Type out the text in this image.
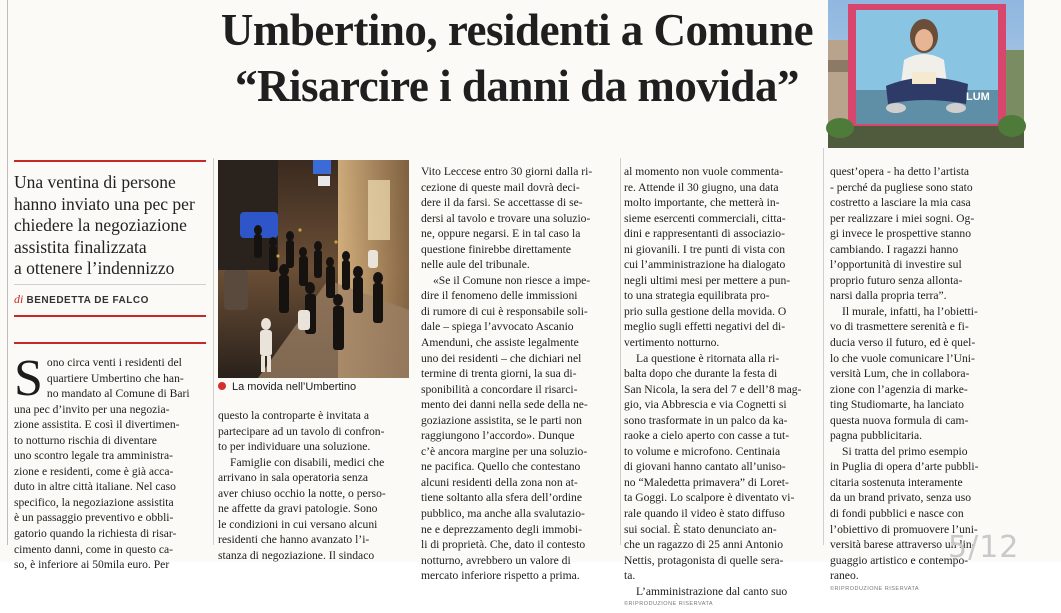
Umbertino, residenti a Comune
“Risarcire i danni da movida”
Una ventina di persone
hanno inviato una pec per
chiedere la negoziazione
assistita finalizzata
a ottenere l’indennizzo
di BENEDETTA DE FALCO
S ono circa venti i residenti del
quartiere Umbertino che han-
no mandato al Comune di Bari
una pec d’invito per una negozia-
zione assistita. E così il divertimen-
to notturno rischia di diventare
uno scontro legale tra amministra-
zione e residenti, come è già acca-
duto in altre città italiane. Nel caso
specifico, la negoziazione assistita
è un passaggio preventivo e obbli-
gatorio quando la richiesta di risar-
cimento danni, come in questo ca-
so, è inferiore ai 50mila euro. Per
La movida nell’Umbertino
questo la controparte è invitata a
partecipare ad un tavolo di confron-
to per individuare una soluzione.
Famiglie con disabili, medici che
arrivano in sala operatoria senza
aver chiuso occhio la notte, o perso-
ne affette da gravi patologie. Sono
le condizioni in cui versano alcuni
residenti che hanno avanzato l’i-
stanza di negoziazione. Il sindaco
Vito Leccese entro 30 giorni dalla ri-
cezione di queste mail dovrà deci-
dere il da farsi. Se accettasse di se-
dersi al tavolo e trovare una soluzio-
ne, oppure negarsi. E in tal caso la
questione finirebbe direttamente
nelle aule del tribunale.
«Se il Comune non riesce a impe-
dire il fenomeno delle immissioni
di rumore di cui è responsabile soli-
dale – spiega l’avvocato Ascanio
Amenduni, che assiste legalmente
uno dei residenti – che dichiari nel
termine di trenta giorni, la sua di-
sponibilità a concordare il risarci-
mento dei danni nella sede della ne-
goziazione assistita, se le parti non
raggiungono l’accordo». Dunque
c’è ancora margine per una soluzio-
ne pacifica. Quello che contestano
alcuni residenti della zona non at-
tiene soltanto alla sfera dell’ordine
pubblico, ma anche alla svalutazio-
ne e deprezzamento degli immobi-
li di proprietà. Che, dato il contesto
notturno, avrebbero un valore di
mercato inferiore rispetto a prima.
al momento non vuole commenta-
re. Attende il 30 giugno, una data
molto importante, che metterà in-
sieme esercenti commerciali, citta-
dini e rappresentanti di associazio-
ni giovanili. I tre punti di vista con
cui l’amministrazione ha dialogato
negli ultimi mesi per mettere a pun-
to una strategia equilibrata pro-
prio sulla gestione della movida. O
meglio sugli effetti negativi del di-
vertimento notturno.
La questione è ritornata alla ri-
balta dopo che durante la festa di
San Nicola, la sera del 7 e dell’8 mag-
gio, via Abbrescia e via Cognetti si
sono trasformate in un palco da ka-
raoke a cielo aperto con casse a tut-
to volume e microfono. Centinaia
di giovani hanno cantato all’uniso-
no “Maledetta primavera” di Loret-
ta Goggi. Lo scalpore è diventato vi-
rale quando il video è stato diffuso
sui social. È stato denunciato an-
che un ragazzo di 25 anni Antonio
Nettis, protagonista di quelle sera-
ta.
L’amministrazione dal canto suo
©RIPRODUZIONE RISERVATA
LUM
quest’opera - ha detto l’artista
- perché da pugliese sono stato
costretto a lasciare la mia casa
per realizzare i miei sogni. Og-
gi invece le prospettive stanno
cambiando. I ragazzi hanno
l’opportunità di investire sul
proprio futuro senza allonta-
narsi dalla propria terra”.
Il murale, infatti, ha l’obietti-
vo di trasmettere serenità e fi-
ducia verso il futuro, ed è quel-
lo che vuole comunicare l’Uni-
versità Lum, che in collabora-
zione con l’agenzia di marke-
ting Studiomarte, ha lanciato
questa nuova formula di cam-
pagna pubblicitaria.
Si tratta del primo esempio
in Puglia di opera d’arte pubbli-
citaria sostenuta interamente
da un brand privato, senza uso
di fondi pubblici e nasce con
l’obiettivo di promuovere l’uni-
versità barese attraverso un lin-
guaggio artistico e contempo-
raneo.
©RIPRODUZIONE RISERVATA
5/12
